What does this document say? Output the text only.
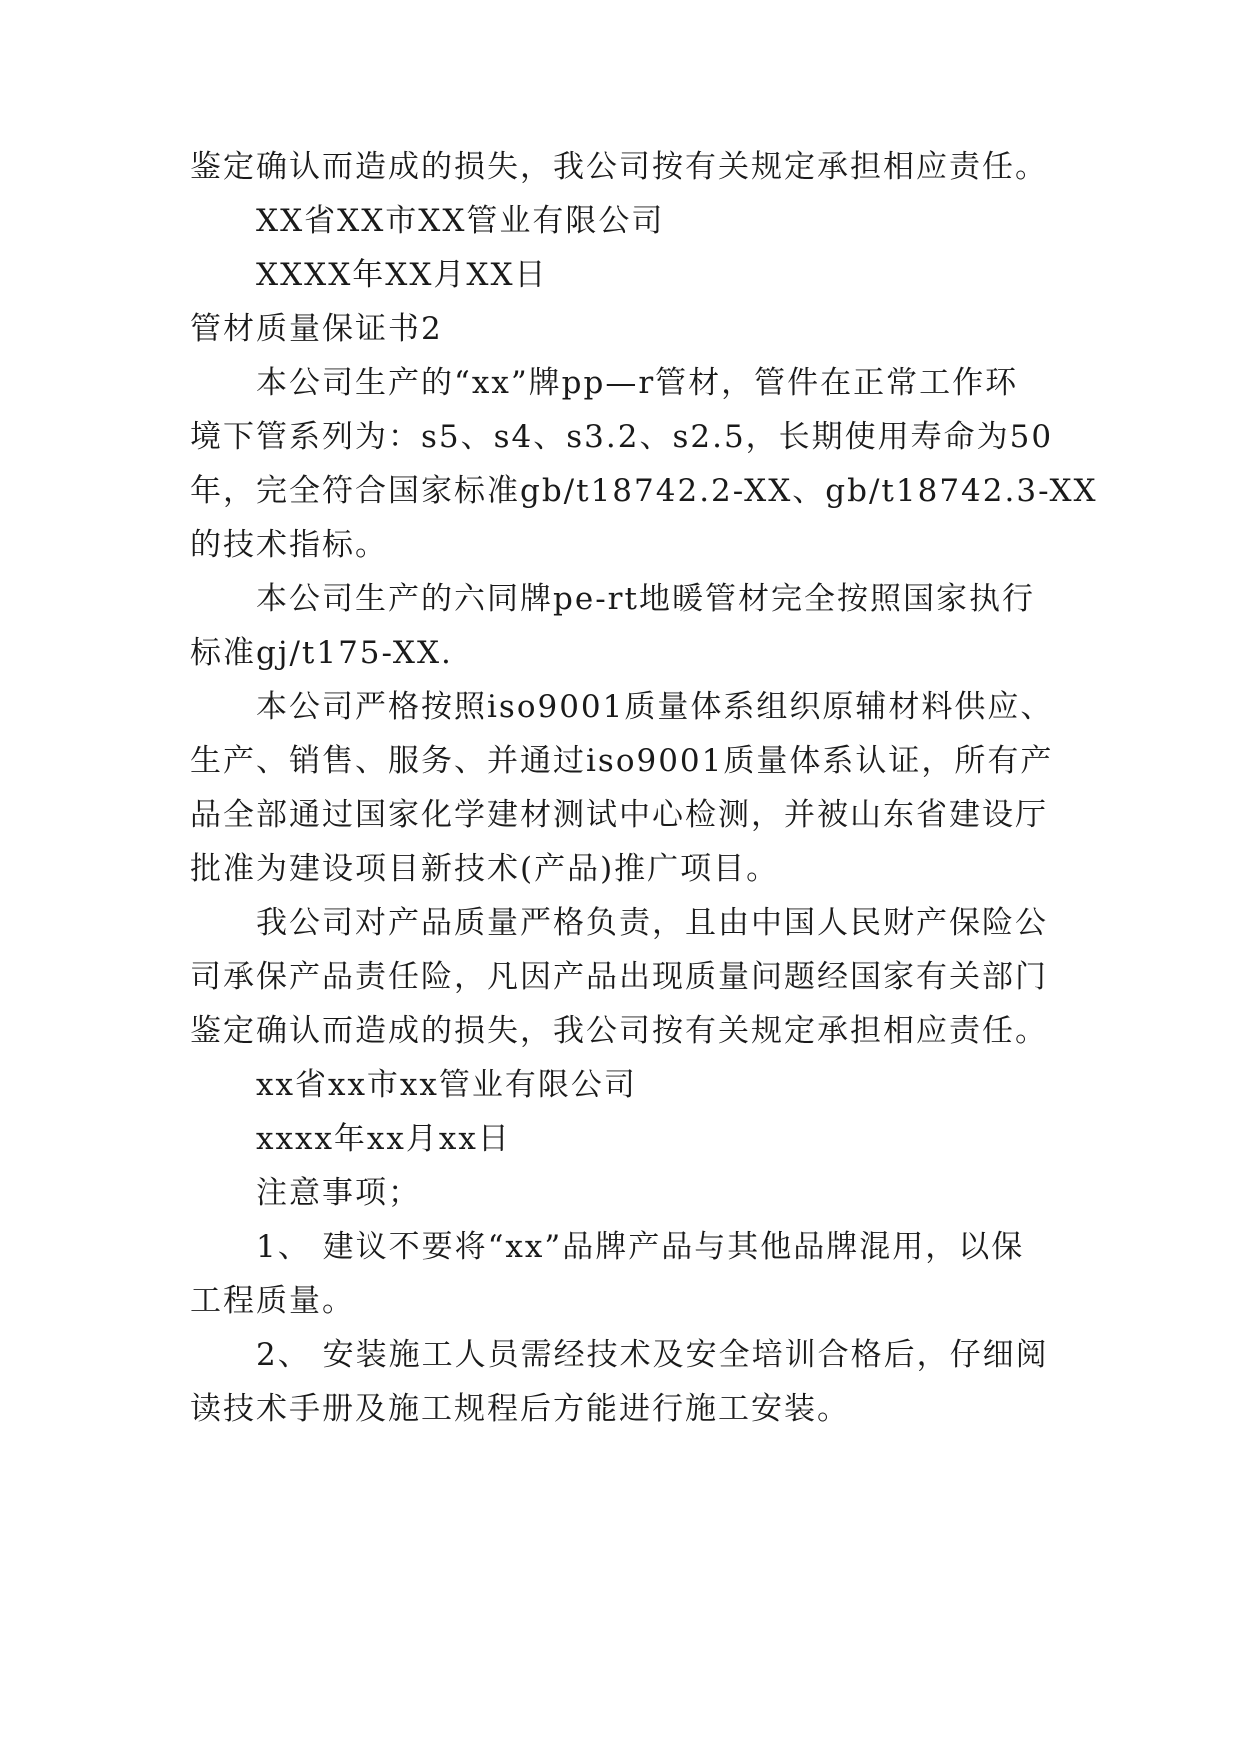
鉴定确认而造成的损失，我公司按有关规定承担相应责任。
XX省XX市XX管业有限公司
XXXX年XX月XX日
管材质量保证书2
本公司生产的“xx”牌pp—r管材，管件在正常工作环
境下管系列为：s5、s4、s3.2、s2.5，长期使用寿命为50
年，完全符合国家标准gb/t18742.2-XX、gb/t18742.3-XX
的技术指标。
本公司生产的六同牌pe-rt地暖管材完全按照国家执行
标准gj/t175-XX.
本公司严格按照iso9001质量体系组织原辅材料供应、
生产、销售、服务、并通过iso9001质量体系认证，所有产
品全部通过国家化学建材测试中心检测，并被山东省建设厅
批准为建设项目新技术(产品)推广项目。
我公司对产品质量严格负责，且由中国人民财产保险公
司承保产品责任险，凡因产品出现质量问题经国家有关部门
鉴定确认而造成的损失，我公司按有关规定承担相应责任。
xx省xx市xx管业有限公司
xxxx年xx月xx日
注意事项；
1、 建议不要将“xx”品牌产品与其他品牌混用，以保
工程质量。
2、 安装施工人员需经技术及安全培训合格后，仔细阅
读技术手册及施工规程后方能进行施工安装。
